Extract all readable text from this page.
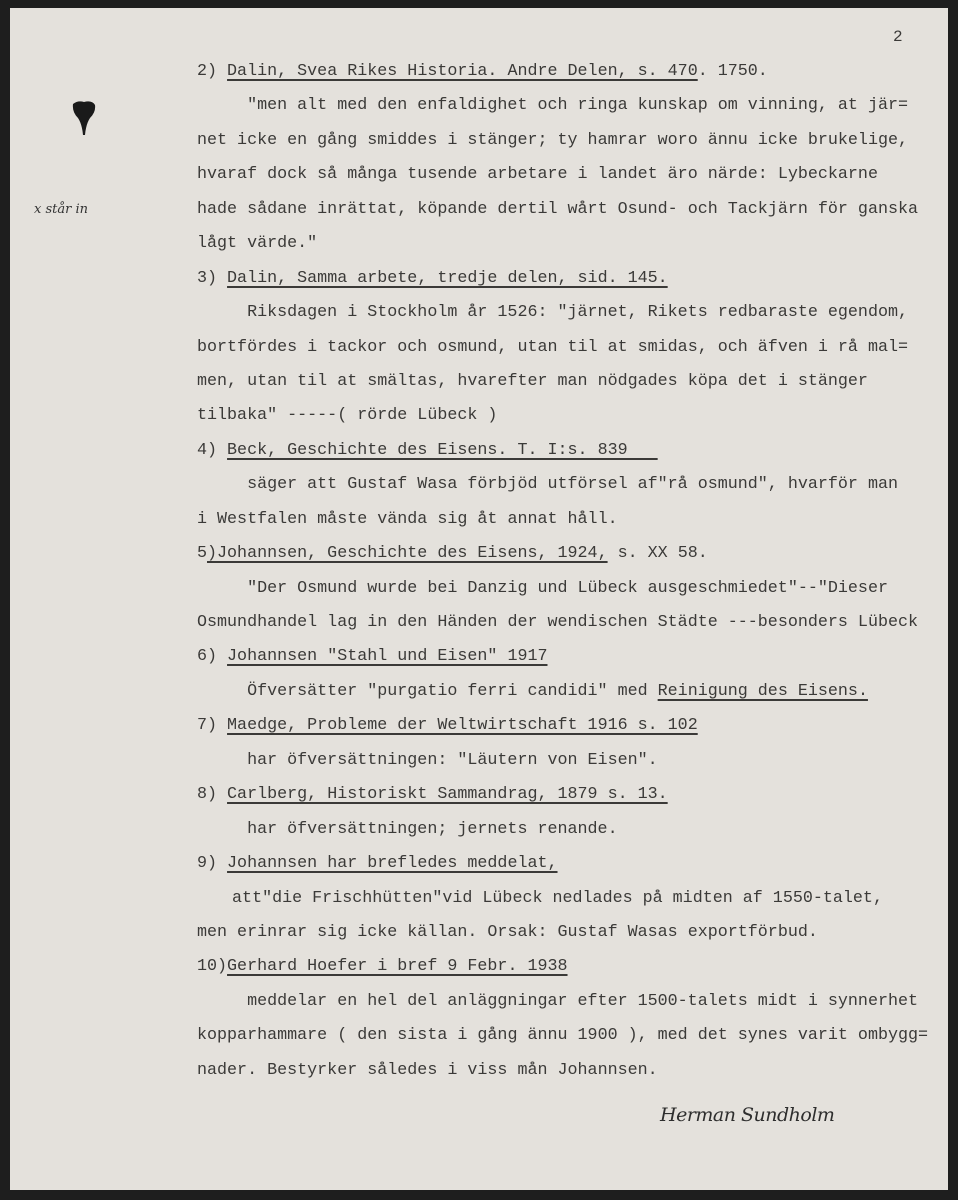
2
x står in
2) Dalin, Svea Rikes Historia. Andre Delen, s. 470. 1750.
"men alt med den enfaldighet och ringa kunskap om vinning, at jär=
net icke en gång smiddes i stänger; ty hamrar woro ännu icke brukelige,
hvaraf dock så många tusende arbetare i landet äro närde: Lybeckarne
hade sådane inrättat, köpande dertil wårt Osund- och Tackjärn för ganska
lågt värde."
3) Dalin, Samma arbete, tredje delen, sid. 145.
Riksdagen i Stockholm år 1526: "järnet, Rikets redbaraste egendom,
bortfördes i tackor och osmund, utan til at smidas, och äfven i rå mal=
men, utan til at smältas, hvarefter man nödgades köpa det i stänger
tilbaka" -----( rörde Lübeck )
4) Beck, Geschichte des Eisens. T. I:s. 839
säger att Gustaf Wasa förbjöd utförsel af"rå osmund", hvarför man
i Westfalen måste vända sig åt annat håll.
5)Johannsen, Geschichte des Eisens, 1924, s. XX 58.
"Der Osmund wurde bei Danzig und Lübeck ausgeschmiedet"--"Dieser
Osmundhandel lag in den Händen der wendischen Städte ---besonders Lübeck
6) Johannsen "Stahl und Eisen" 1917
Öfversätter "purgatio ferri candidi" med Reinigung des Eisens.
7) Maedge, Probleme der Weltwirtschaft 1916 s. 102
har öfversättningen: "Läutern von Eisen".
8) Carlberg, Historiskt Sammandrag, 1879 s. 13.
har öfversättningen; jernets renande.
9) Johannsen har brefledes meddelat,
att"die Frischhütten"vid Lübeck nedlades på midten af 1550-talet,
men erinrar sig icke källan. Orsak: Gustaf Wasas exportförbud.
10)Gerhard Hoefer i bref 9 Febr. 1938
meddelar en hel del anläggningar efter 1500-talets midt i synnerhet
kopparhammare ( den sista i gång ännu 1900 ), med det synes varit ombygg=
nader. Bestyrker således i viss mån Johannsen.
Herman Sundholm
